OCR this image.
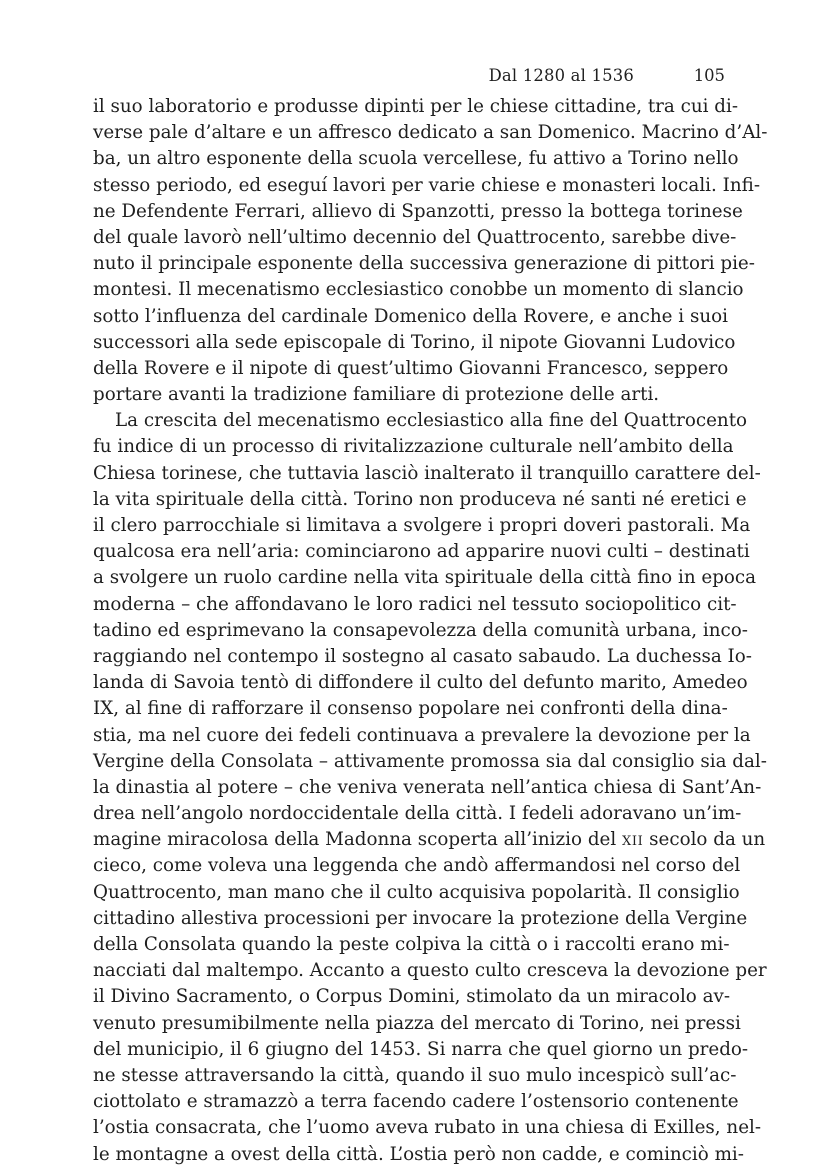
Dal 1280 al 1536	105
il suo laboratorio e produsse dipinti per le chiese cittadine, tra cui di-
verse pale d’altare e un affresco dedicato a san Domenico. Macrino d’Al-
ba, un altro esponente della scuola vercellese, fu attivo a Torino nello
stesso periodo, ed eseguí lavori per varie chiese e monasteri locali. Infi-
ne Defendente Ferrari, allievo di Spanzotti, presso la bottega torinese
del quale lavorò nell’ultimo decennio del Quattrocento, sarebbe dive-
nuto il principale esponente della successiva generazione di pittori pie-
montesi. Il mecenatismo ecclesiastico conobbe un momento di slancio
sotto l’influenza del cardinale Domenico della Rovere, e anche i suoi
successori alla sede episcopale di Torino, il nipote Giovanni Ludovico
della Rovere e il nipote di quest’ultimo Giovanni Francesco, seppero
portare avanti la tradizione familiare di protezione delle arti.
La crescita del mecenatismo ecclesiastico alla fine del Quattrocento
fu indice di un processo di rivitalizzazione culturale nell’ambito della
Chiesa torinese, che tuttavia lasciò inalterato il tranquillo carattere del-
la vita spirituale della città. Torino non produceva né santi né eretici e
il clero parrocchiale si limitava a svolgere i propri doveri pastorali. Ma
qualcosa era nell’aria: cominciarono ad apparire nuovi culti – destinati
a svolgere un ruolo cardine nella vita spirituale della città fino in epoca
moderna – che affondavano le loro radici nel tessuto sociopolitico cit-
tadino ed esprimevano la consapevolezza della comunità urbana, inco-
raggiando nel contempo il sostegno al casato sabaudo. La duchessa Io-
landa di Savoia tentò di diffondere il culto del defunto marito, Amedeo
IX, al fine di rafforzare il consenso popolare nei confronti della dina-
stia, ma nel cuore dei fedeli continuava a prevalere la devozione per la
Vergine della Consolata – attivamente promossa sia dal consiglio sia dal-
la dinastia al potere – che veniva venerata nell’antica chiesa di Sant’An-
drea nell’angolo nordoccidentale della città. I fedeli adoravano un’im-
magine miracolosa della Madonna scoperta all’inizio del XII secolo da un
cieco, come voleva una leggenda che andò affermandosi nel corso del
Quattrocento, man mano che il culto acquisiva popolarità. Il consiglio
cittadino allestiva processioni per invocare la protezione della Vergine
della Consolata quando la peste colpiva la città o i raccolti erano mi-
nacciati dal maltempo. Accanto a questo culto cresceva la devozione per
il Divino Sacramento, o Corpus Domini, stimolato da un miracolo av-
venuto presumibilmente nella piazza del mercato di Torino, nei pressi
del municipio, il 6 giugno del 1453. Si narra che quel giorno un predo-
ne stesse attraversando la città, quando il suo mulo incespicò sull’ac-
ciottolato e stramazzò a terra facendo cadere l’ostensorio contenente
l’ostia consacrata, che l’uomo aveva rubato in una chiesa di Exilles, nel-
le montagne a ovest della città. L’ostia però non cadde, e cominciò mi-
